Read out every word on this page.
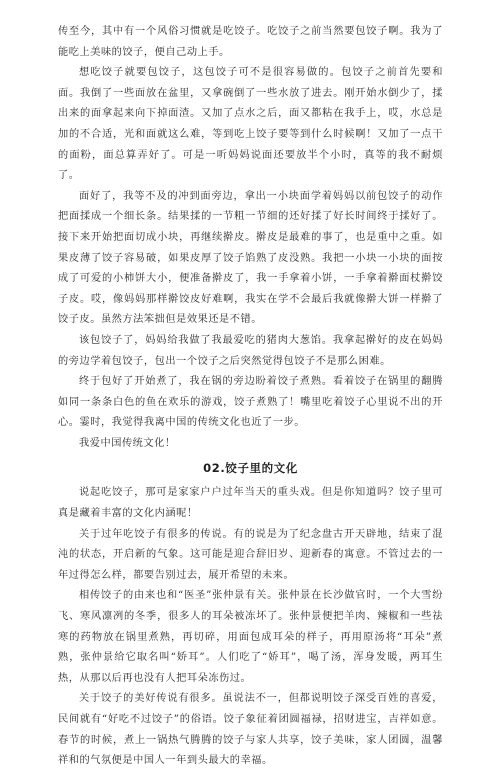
传至今，其中有一个风俗习惯就是吃饺子。吃饺子之前当然要包饺子啊。我为了能吃上美味的饺子，便自己动上手。

想吃饺子就要包饺子，这包饺子可不是很容易做的。包饺子之前首先要和面。我倒了一些面放在盆里，又拿碗倒了一些水放了进去。刚开始水倒少了，揉出来的面拿起来向下掉面渣。又加了点水之后，面又都粘在我手上，哎，水总是加的不合适，光和面就这么难，等到吃上饺子要等到什么时候啊！又加了一点干的面粉，面总算弄好了。可是一听妈妈说面还要放半个小时，真等的我不耐烦了。

面好了，我等不及的冲到面旁边，拿出一小块面学着妈妈以前包饺子的动作把面揉成一个细长条。结果揉的一节粗一节细的还好揉了好长时间终于揉好了。接下来开始把面切成小块，再继续擀皮。擀皮是最难的事了，也是重中之重。如果皮薄了饺子容易破，如果皮厚了饺子馅熟了皮没熟。我把一小块一小块的面按成了可爱的小柿饼大小，便准备擀皮了，我一手拿着小饼，一手拿着擀面杖擀饺子皮。哎，像妈妈那样擀饺皮好难啊，我实在学不会最后我就像擀大饼一样擀了饺子皮。虽然方法笨拙但是效果还是不错。

该包饺子了，妈妈给我做了我最爱吃的猪肉大葱馅。我拿起擀好的皮在妈妈的旁边学着包饺子，包出一个饺子之后突然觉得包饺子不是那么困难。

终于包好了开始煮了，我在锅的旁边盼着饺子煮熟。看着饺子在锅里的翻腾如同一条条白色的鱼在欢乐的游戏，饺子煮熟了！嘴里吃着饺子心里说不出的开心。霎时，我觉得我离中国的传统文化也近了一步。

我爱中国传统文化！

02.饺子里的文化

说起吃饺子，那可是家家户户过年当天的重头戏。但是你知道吗？饺子里可真是藏着丰富的文化内涵呢！

关于过年吃饺子有很多的传说。有的说是为了纪念盘古开天辟地，结束了混沌的状态，开启新的气象。这可能是迎合辞旧岁、迎新春的寓意。不管过去的一年过得怎么样，都要告别过去，展开希望的未来。

相传饺子的由来也和“医圣”张仲景有关。张仲景在长沙做官时，一个大雪纷飞、寒风凛冽的冬季，很多人的耳朵被冻坏了。张仲景便把羊肉、辣椒和一些祛寒的药物放在锅里煮熟，再切碎，用面包成耳朵的样子，再用原汤将“耳朵”煮熟，张仲景给它取名叫“娇耳”。人们吃了“娇耳”，喝了汤，浑身发暖，两耳生热，从那以后再也没有人把耳朵冻伤过。

关于饺子的美好传说有很多。虽说法不一，但都说明饺子深受百姓的喜爱，民间就有“好吃不过饺子”的俗语。饺子象征着团圆福禄，招财进宝，吉祥如意。春节的时候，煮上一锅热气腾腾的饺子与家人共享，饺子美味，家人团圆，温馨祥和的气氛便是中国人一年到头最大的幸福。
